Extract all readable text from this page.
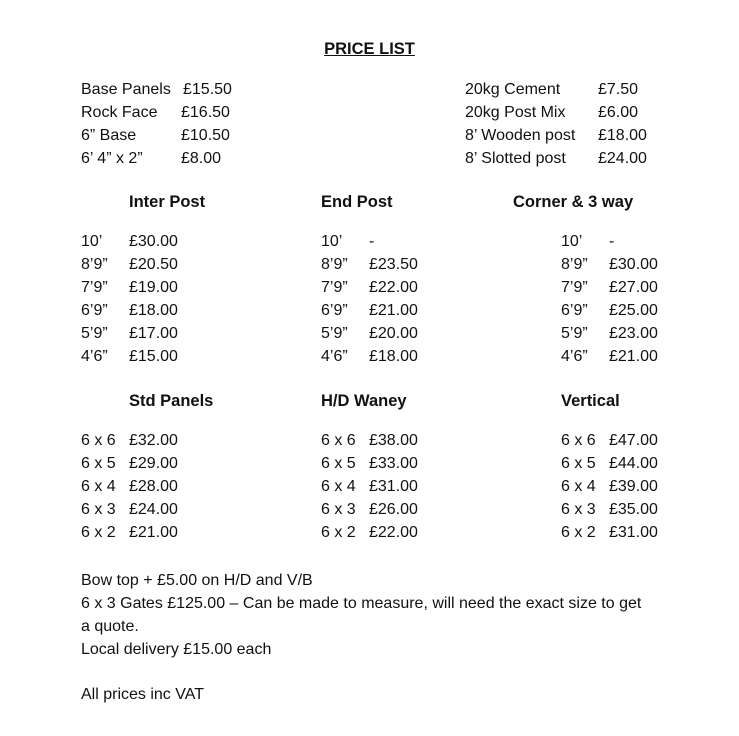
PRICE LIST
Base Panels £15.50
Rock Face	£16.50
6” Base	£10.50
6’ 4” x 2”	£8.00
20kg Cement	£7.50
20kg Post Mix	£6.00
8’ Wooden post	£18.00
8’ Slotted post	£24.00
Inter Post	End Post	Corner & 3 way
10’	£30.00
8’9”	£20.50
7’9”	£19.00
6’9”	£18.00
5’9”	£17.00
4’6”	£15.00
10’	-
8’9”	£23.50
7’9”	£22.00
6’9”	£21.00
5’9”	£20.00
4’6”	£18.00
10’	-
8’9”	£30.00
7’9”	£27.00
6’9”	£25.00
5’9”	£23.00
4’6”	£21.00
Std Panels	H/D Waney	Vertical
6 x 6 £32.00
6 x 5 £29.00
6 x 4 £28.00
6 x 3 £24.00
6 x 2 £21.00
6 x 6 £38.00
6 x 5 £33.00
6 x 4 £31.00
6 x 3 £26.00
6 x 2 £22.00
6 x 6 £47.00
6 x 5 £44.00
6 x 4 £39.00
6 x 3 £35.00
6 x 2 £31.00
Bow top + £5.00 on H/D and V/B
6 x 3 Gates £125.00 – Can be made to measure, will need the exact size to get
a quote.
Local delivery £15.00 each
All prices inc VAT
